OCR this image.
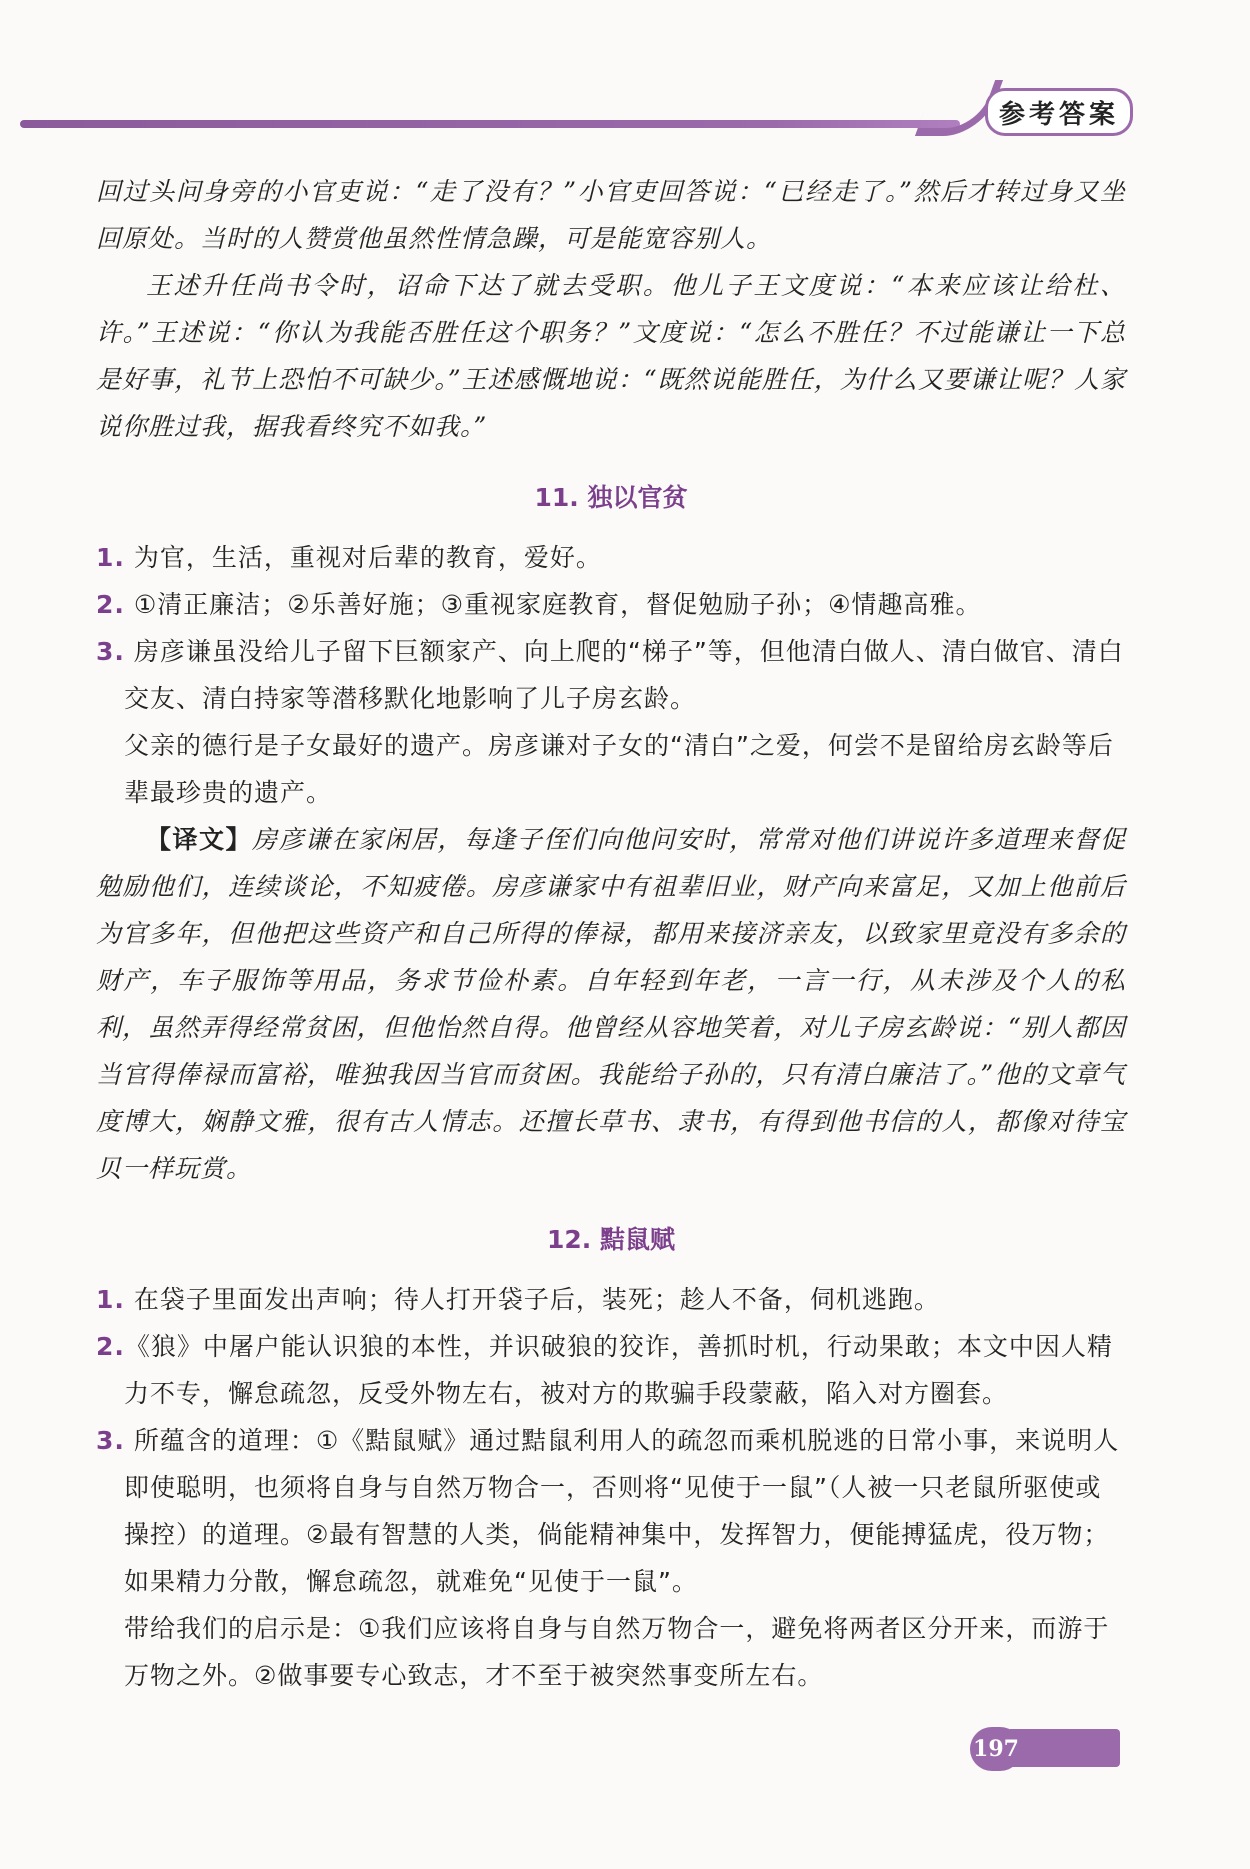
参考答案

回过头问身旁的小官吏说：“走了没有？”小官吏回答说：“已经走了。”然后才转过身又坐回原处。当时的人赞赏他虽然性情急躁，可是能宽容别人。

王述升任尚书令时，诏命下达了就去受职。他儿子王文度说：“本来应该让给杜、许。”王述说：“你认为我能否胜任这个职务？”文度说：“怎么不胜任？不过能谦让一下总是好事，礼节上恐怕不可缺少。”王述感慨地说：“既然说能胜任，为什么又要谦让呢？人家说你胜过我，据我看终究不如我。”

11. 独以官贫

1. 为官，生活，重视对后辈的教育，爱好。

2. ①清正廉洁；②乐善好施；③重视家庭教育，督促勉励子孙；④情趣高雅。

3. 房彦谦虽没给儿子留下巨额家产、向上爬的“梯子”等，但他清白做人、清白做官、清白交友、清白持家等潜移默化地影响了儿子房玄龄。

父亲的德行是子女最好的遗产。房彦谦对子女的“清白”之爱，何尝不是留给房玄龄等后辈最珍贵的遗产。

【译文】房彦谦在家闲居，每逢子侄们向他问安时，常常对他们讲说许多道理来督促勉励他们，连续谈论，不知疲倦。房彦谦家中有祖辈旧业，财产向来富足，又加上他前后为官多年，但他把这些资产和自己所得的俸禄，都用来接济亲友，以致家里竟没有多余的财产，车子服饰等用品，务求节俭朴素。自年轻到年老，一言一行，从未涉及个人的私利，虽然弄得经常贫困，但他怡然自得。他曾经从容地笑着，对儿子房玄龄说：“别人都因当官得俸禄而富裕，唯独我因当官而贫困。我能给子孙的，只有清白廉洁了。”他的文章气度博大，娴静文雅，很有古人情志。还擅长草书、隶书，有得到他书信的人，都像对待宝贝一样玩赏。

12. 黠鼠赋

1. 在袋子里面发出声响；待人打开袋子后，装死；趁人不备，伺机逃跑。

2.《狼》中屠户能认识狼的本性，并识破狼的狡诈，善抓时机，行动果敢；本文中因人精力不专，懈怠疏忽，反受外物左右，被对方的欺骗手段蒙蔽，陷入对方圈套。

3. 所蕴含的道理：①《黠鼠赋》通过黠鼠利用人的疏忽而乘机脱逃的日常小事，来说明人即使聪明，也须将自身与自然万物合一，否则将“见使于一鼠”（人被一只老鼠所驱使或操控）的道理。②最有智慧的人类，倘能精神集中，发挥智力，便能搏猛虎，役万物；如果精力分散，懈怠疏忽，就难免“见使于一鼠”。

带给我们的启示是：①我们应该将自身与自然万物合一，避免将两者区分开来，而游于万物之外。②做事要专心致志，才不至于被突然事变所左右。

197
